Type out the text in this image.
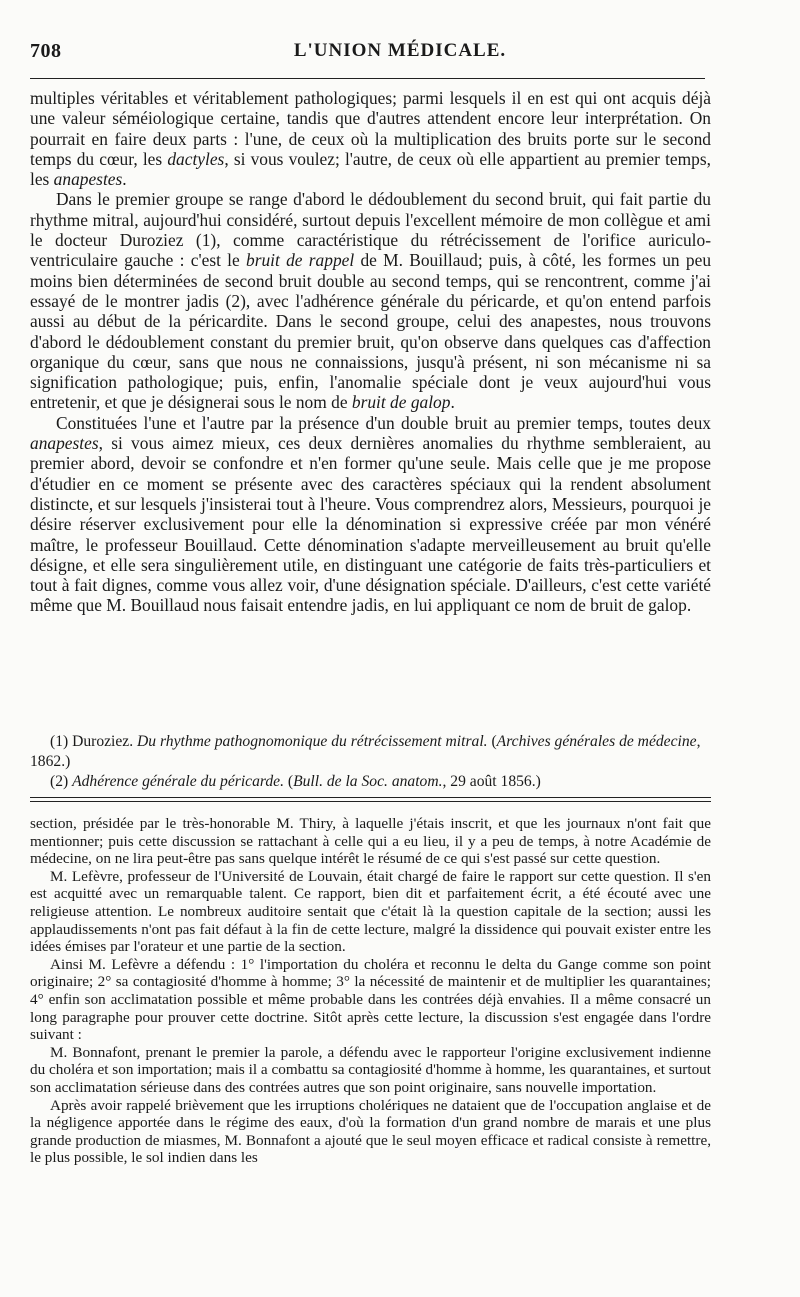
708	L'UNION MÉDICALE.

multiples véritables et véritablement pathologiques; parmi lesquels il en est qui ont acquis déjà une valeur séméiologique certaine, tandis que d'autres attendent encore leur interprétation. On pourrait en faire deux parts : l'une, de ceux où la multiplication des bruits porte sur le second temps du cœur, les dactyles, si vous voulez; l'autre, de ceux où elle appartient au premier temps, les anapestes.

Dans le premier groupe se range d'abord le dédoublement du second bruit, qui fait partie du rhythme mitral, aujourd'hui considéré, surtout depuis l'excellent mémoire de mon collègue et ami le docteur Duroziez (1), comme caractéristique du rétrécissement de l'orifice auriculo-ventriculaire gauche : c'est le bruit de rappel de M. Bouillaud; puis, à côté, les formes un peu moins bien déterminées de second bruit double au second temps, qui se rencontrent, comme j'ai essayé de le montrer jadis (2), avec l'adhérence générale du péricarde, et qu'on entend parfois aussi au début de la péricardite. Dans le second groupe, celui des anapestes, nous trouvons d'abord le dédoublement constant du premier bruit, qu'on observe dans quelques cas d'affection organique du cœur, sans que nous ne connaissions, jusqu'à présent, ni son mécanisme ni sa signification pathologique; puis, enfin, l'anomalie spéciale dont je veux aujourd'hui vous entretenir, et que je désignerai sous le nom de bruit de galop.

Constituées l'une et l'autre par la présence d'un double bruit au premier temps, toutes deux anapestes, si vous aimez mieux, ces deux dernières anomalies du rhythme sembleraient, au premier abord, devoir se confondre et n'en former qu'une seule. Mais celle que je me propose d'étudier en ce moment se présente avec des caractères spéciaux qui la rendent absolument distincte, et sur lesquels j'insisterai tout à l'heure. Vous comprendrez alors, Messieurs, pourquoi je désire réserver exclusivement pour elle la dénomination si expressive créée par mon vénéré maître, le professeur Bouillaud. Cette dénomination s'adapte merveilleusement au bruit qu'elle désigne, et elle sera singulièrement utile, en distinguant une catégorie de faits très-particuliers et tout à fait dignes, comme vous allez voir, d'une désignation spéciale. D'ailleurs, c'est cette variété même que M. Bouillaud nous faisait entendre jadis, en lui appliquant ce nom de bruit de galop.

(1) Duroziez. Du rhythme pathognomonique du rétrécissement mitral. (Archives générales de médecine, 1862.)

(2) Adhérence générale du péricarde. (Bull. de la Soc. anatom., 29 août 1856.)

section, présidée par le très-honorable M. Thiry, à laquelle j'étais inscrit, et que les journaux n'ont fait que mentionner; puis cette discussion se rattachant à celle qui a eu lieu, il y a peu de temps, à notre Académie de médecine, on ne lira peut-être pas sans quelque intérêt le résumé de ce qui s'est passé sur cette question.

M. Lefèvre, professeur de l'Université de Louvain, était chargé de faire le rapport sur cette question. Il s'en est acquitté avec un remarquable talent. Ce rapport, bien dit et parfaitement écrit, a été écouté avec une religieuse attention. Le nombreux auditoire sentait que c'était là la question capitale de la section; aussi les applaudissements n'ont pas fait défaut à la fin de cette lecture, malgré la dissidence qui pouvait exister entre les idées émises par l'orateur et une partie de la section.

Ainsi M. Lefèvre a défendu : 1° l'importation du choléra et reconnu le delta du Gange comme son point originaire; 2° sa contagiosité d'homme à homme; 3° la nécessité de maintenir et de multiplier les quarantaines; 4° enfin son acclimatation possible et même probable dans les contrées déjà envahies. Il a même consacré un long paragraphe pour prouver cette doctrine. Sitôt après cette lecture, la discussion s'est engagée dans l'ordre suivant :

M. Bonnafont, prenant le premier la parole, a défendu avec le rapporteur l'origine exclusivement indienne du choléra et son importation; mais il a combattu sa contagiosité d'homme à homme, les quarantaines, et surtout son acclimatation sérieuse dans des contrées autres que son point originaire, sans nouvelle importation.

Après avoir rappelé brièvement que les irruptions cholériques ne dataient que de l'occupation anglaise et de la négligence apportée dans le régime des eaux, d'où la formation d'un grand nombre de marais et une plus grande production de miasmes, M. Bonnafont a ajouté que le seul moyen efficace et radical consiste à remettre, le plus possible, le sol indien dans les
